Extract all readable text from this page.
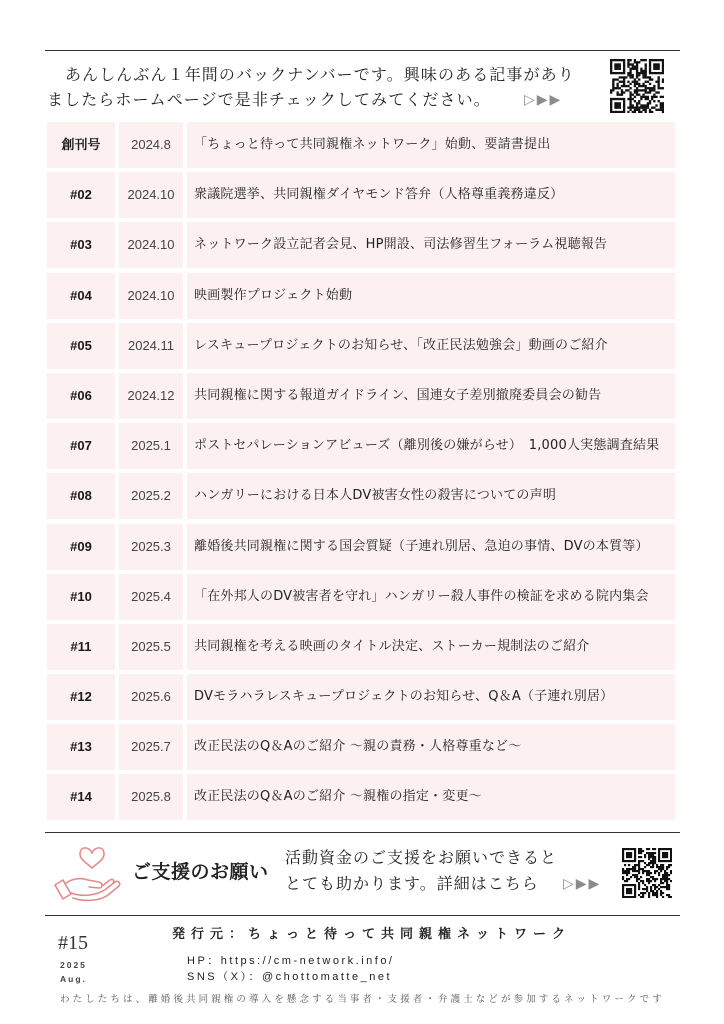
あんしんぶん１年間のバックナンバーです。興味のある記事があり
ましたらホームページで是非チェックしてみてください。 ▷▶▶
創刊号	2024.8	「ちょっと待って共同親権ネットワーク」始動、要請書提出
#02	2024.10	衆議院選挙、共同親権ダイヤモンド答弁（人格尊重義務違反）
#03	2024.10	ネットワーク設立記者会見、HP開設、司法修習生フォーラム視聴報告
#04	2024.10	映画製作プロジェクト始動
#05	2024.11	レスキュープロジェクトのお知らせ、「改正民法勉強会」動画のご紹介
#06	2024.12	共同親権に関する報道ガイドライン、国連女子差別撤廃委員会の勧告
#07	2025.1	ポストセパレーションアビューズ（離別後の嫌がらせ）　1,000人実態調査結果
#08	2025.2	ハンガリーにおける日本人DV被害女性の殺害についての声明
#09	2025.3	離婚後共同親権に関する国会質疑（子連れ別居、急迫の事情、DVの本質等）
#10	2025.4	「在外邦人のDV被害者を守れ」ハンガリー殺人事件の検証を求める院内集会
#11	2025.5	共同親権を考える映画のタイトル決定、ストーカー規制法のご紹介
#12	2025.6	DVモラハラレスキュープロジェクトのお知らせ、Q＆A（子連れ別居）
#13	2025.7	改正民法のQ＆Aのご紹介 〜親の責務・人格尊重など〜
#14	2025.8	改正民法のQ＆Aのご紹介 〜親権の指定・変更〜
ご支援のお願い
活動資金のご支援をお願いできると
とても助かります。詳細はこちら ▷▶▶
#15
2025
Aug.
発行元：ちょっと待って共同親権ネットワーク
HP：https://cm-network.info/
SNS（X）：@chottomatte_net
わたしたちは、離婚後共同親権の導入を懸念する当事者・支援者・弁護士などが参加するネットワークです
